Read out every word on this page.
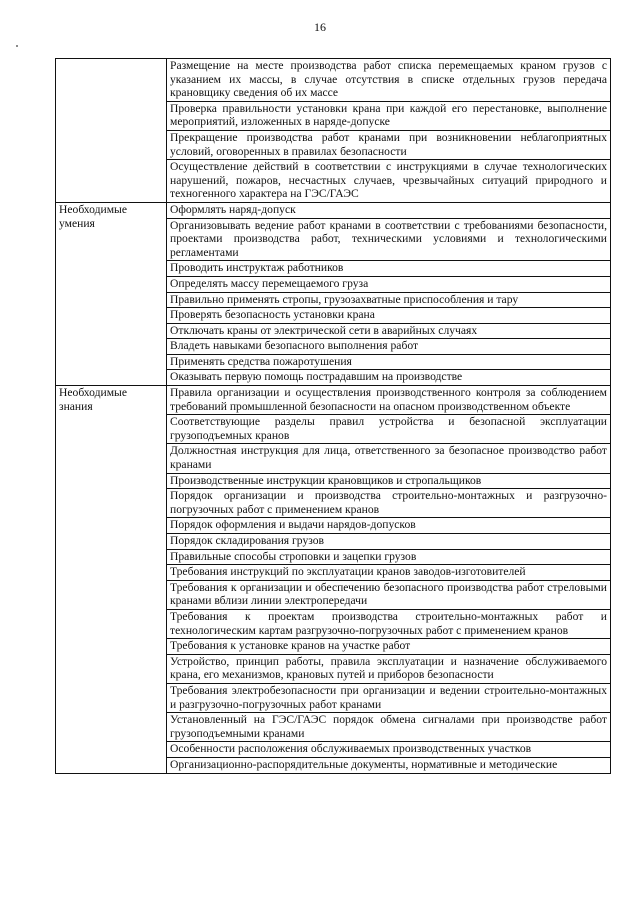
16
	Размещение на месте производства работ списка перемещаемых краном грузов с указанием их массы, в случае отсутствия в списке отдельных грузов передача крановщику сведения об их массе
	Проверка правильности установки крана при каждой его перестановке, выполнение мероприятий, изложенных в наряде-допуске
	Прекращение производства работ кранами при возникновении неблагоприятных условий, оговоренных в правилах безопасности
	Осуществление действий в соответствии с инструкциями в случае технологических нарушений, пожаров, несчастных случаев, чрезвычайных ситуаций природного и техногенного характера на ГЭС/ГАЭС
Необходимые умения	Оформлять наряд-допуск
	Организовывать ведение работ кранами в соответствии с требованиями безопасности, проектами производства работ, техническими условиями и технологическими регламентами
	Проводить инструктаж работников
	Определять массу перемещаемого груза
	Правильно применять стропы, грузозахватные приспособления и тару
	Проверять безопасность установки крана
	Отключать краны от электрической сети в аварийных случаях
	Владеть навыками безопасного выполнения работ
	Применять средства пожаротушения
	Оказывать первую помощь пострадавшим на производстве
Необходимые знания	Правила организации и осуществления производственного контроля за соблюдением требований промышленной безопасности на опасном производственном объекте
	Соответствующие разделы правил устройства и безопасной эксплуатации грузоподъемных кранов
	Должностная инструкция для лица, ответственного за безопасное производство работ кранами
	Производственные инструкции крановщиков и стропальщиков
	Порядок организации и производства строительно-монтажных и разгрузочно-погрузочных работ с применением кранов
	Порядок оформления и выдачи нарядов-допусков
	Порядок складирования грузов
	Правильные способы строповки и зацепки грузов
	Требования инструкций по эксплуатации кранов заводов-изготовителей
	Требования к организации и обеспечению безопасного производства работ стреловыми кранами вблизи линии электропередачи
	Требования к проектам производства строительно-монтажных работ и технологическим картам разгрузочно-погрузочных работ с применением кранов
	Требования к установке кранов на участке работ
	Устройство, принцип работы, правила эксплуатации и назначение обслуживаемого крана, его механизмов, крановых путей и приборов безопасности
	Требования электробезопасности при организации и ведении строительно-монтажных и разгрузочно-погрузочных работ кранами
	Установленный на ГЭС/ГАЭС порядок обмена сигналами при производстве работ грузоподъемными кранами
	Особенности расположения обслуживаемых производственных участков
	Организационно-распорядительные документы, нормативные и методические
